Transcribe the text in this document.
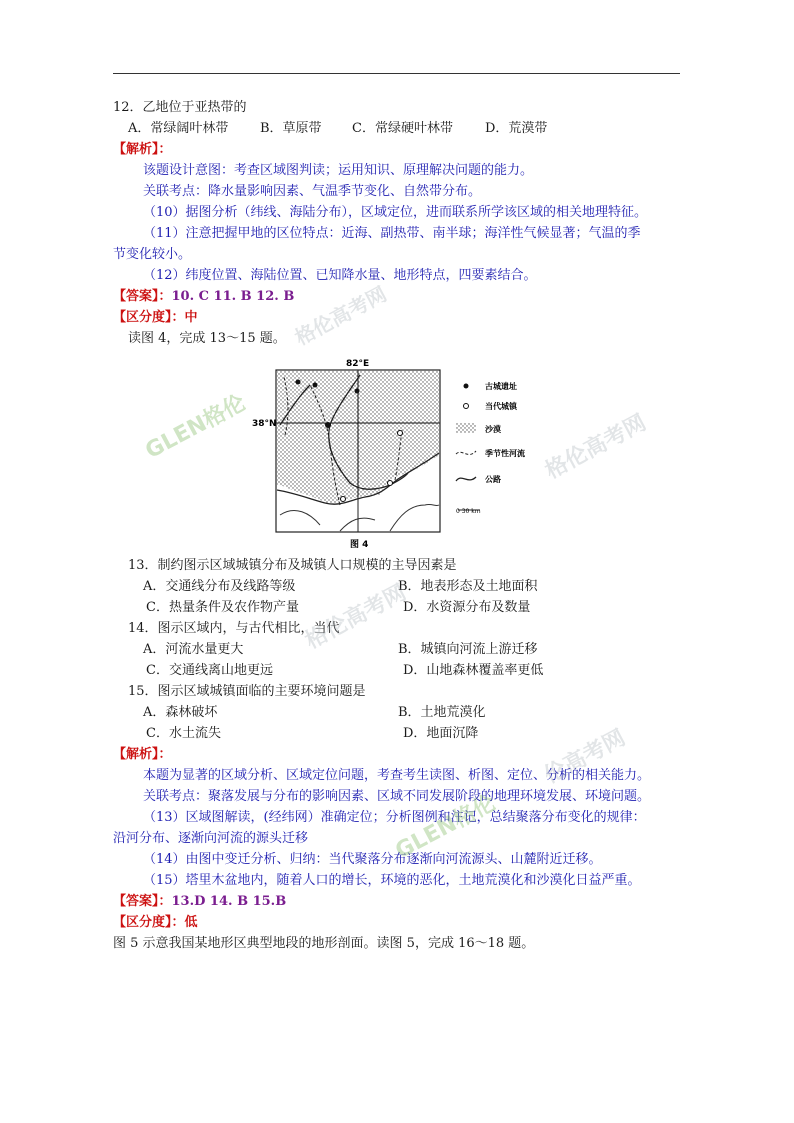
12．乙地位于亚热带的
A．常绿阔叶林带 B．草原带 C．常绿硬叶林带 D．荒漠带
【解析】：
该题设计意图：考查区域图判读；运用知识、原理解决问题的能力。
关联考点：降水量影响因素、气温季节变化、自然带分布。
（10）据图分析（纬线、海陆分布），区域定位，进而联系所学该区域的相关地理特征。
（11）注意把握甲地的区位特点：近海、副热带、南半球；海洋性气候显著；气温的季
节变化较小。
（12）纬度位置、海陆位置、已知降水量、地形特点，四要素结合。
【答案】：10. C 11. B 12. B
【区分度】：中
读图 4，完成 13～15 题。
82°E
38°N
图 4
古城遗址
当代城镇
沙漠
季节性河流
公路
0 30 km
13．制约图示区域城镇分布及城镇人口规模的主导因素是
A．交通线分布及线路等级	B．地表形态及土地面积
C．热量条件及农作物产量	D．水资源分布及数量
14．图示区域内，与古代相比，当代
A．河流水量更大	B．城镇向河流上游迁移
C．交通线离山地更远	D．山地森林覆盖率更低
15．图示区域城镇面临的主要环境问题是
A．森林破坏	B．土地荒漠化
C．水土流失	D．地面沉降
【解析】：
本题为显著的区域分析、区域定位问题，考查考生读图、析图、定位、分析的相关能力。
关联考点：聚落发展与分布的影响因素、区域不同发展阶段的地理环境发展、环境问题。
（13）区域图解读，(经纬网）准确定位；分析图例和注记，总结聚落分布变化的规律：
沿河分布、逐渐向河流的源头迁移
（14）由图中变迁分析、归纳：当代聚落分布逐渐向河流源头、山麓附近迁移。
（15）塔里木盆地内，随着人口的增长，环境的恶化，土地荒漠化和沙漠化日益严重。
【答案】：13.D 14. B 15.B
【区分度】：低
图 5 示意我国某地形区典型地段的地形剖面。读图 5，完成 16～18 题。
格伦高考网
GLEN格伦	格伦高考网
格伦高考网
GLEN格伦
伦高考网
